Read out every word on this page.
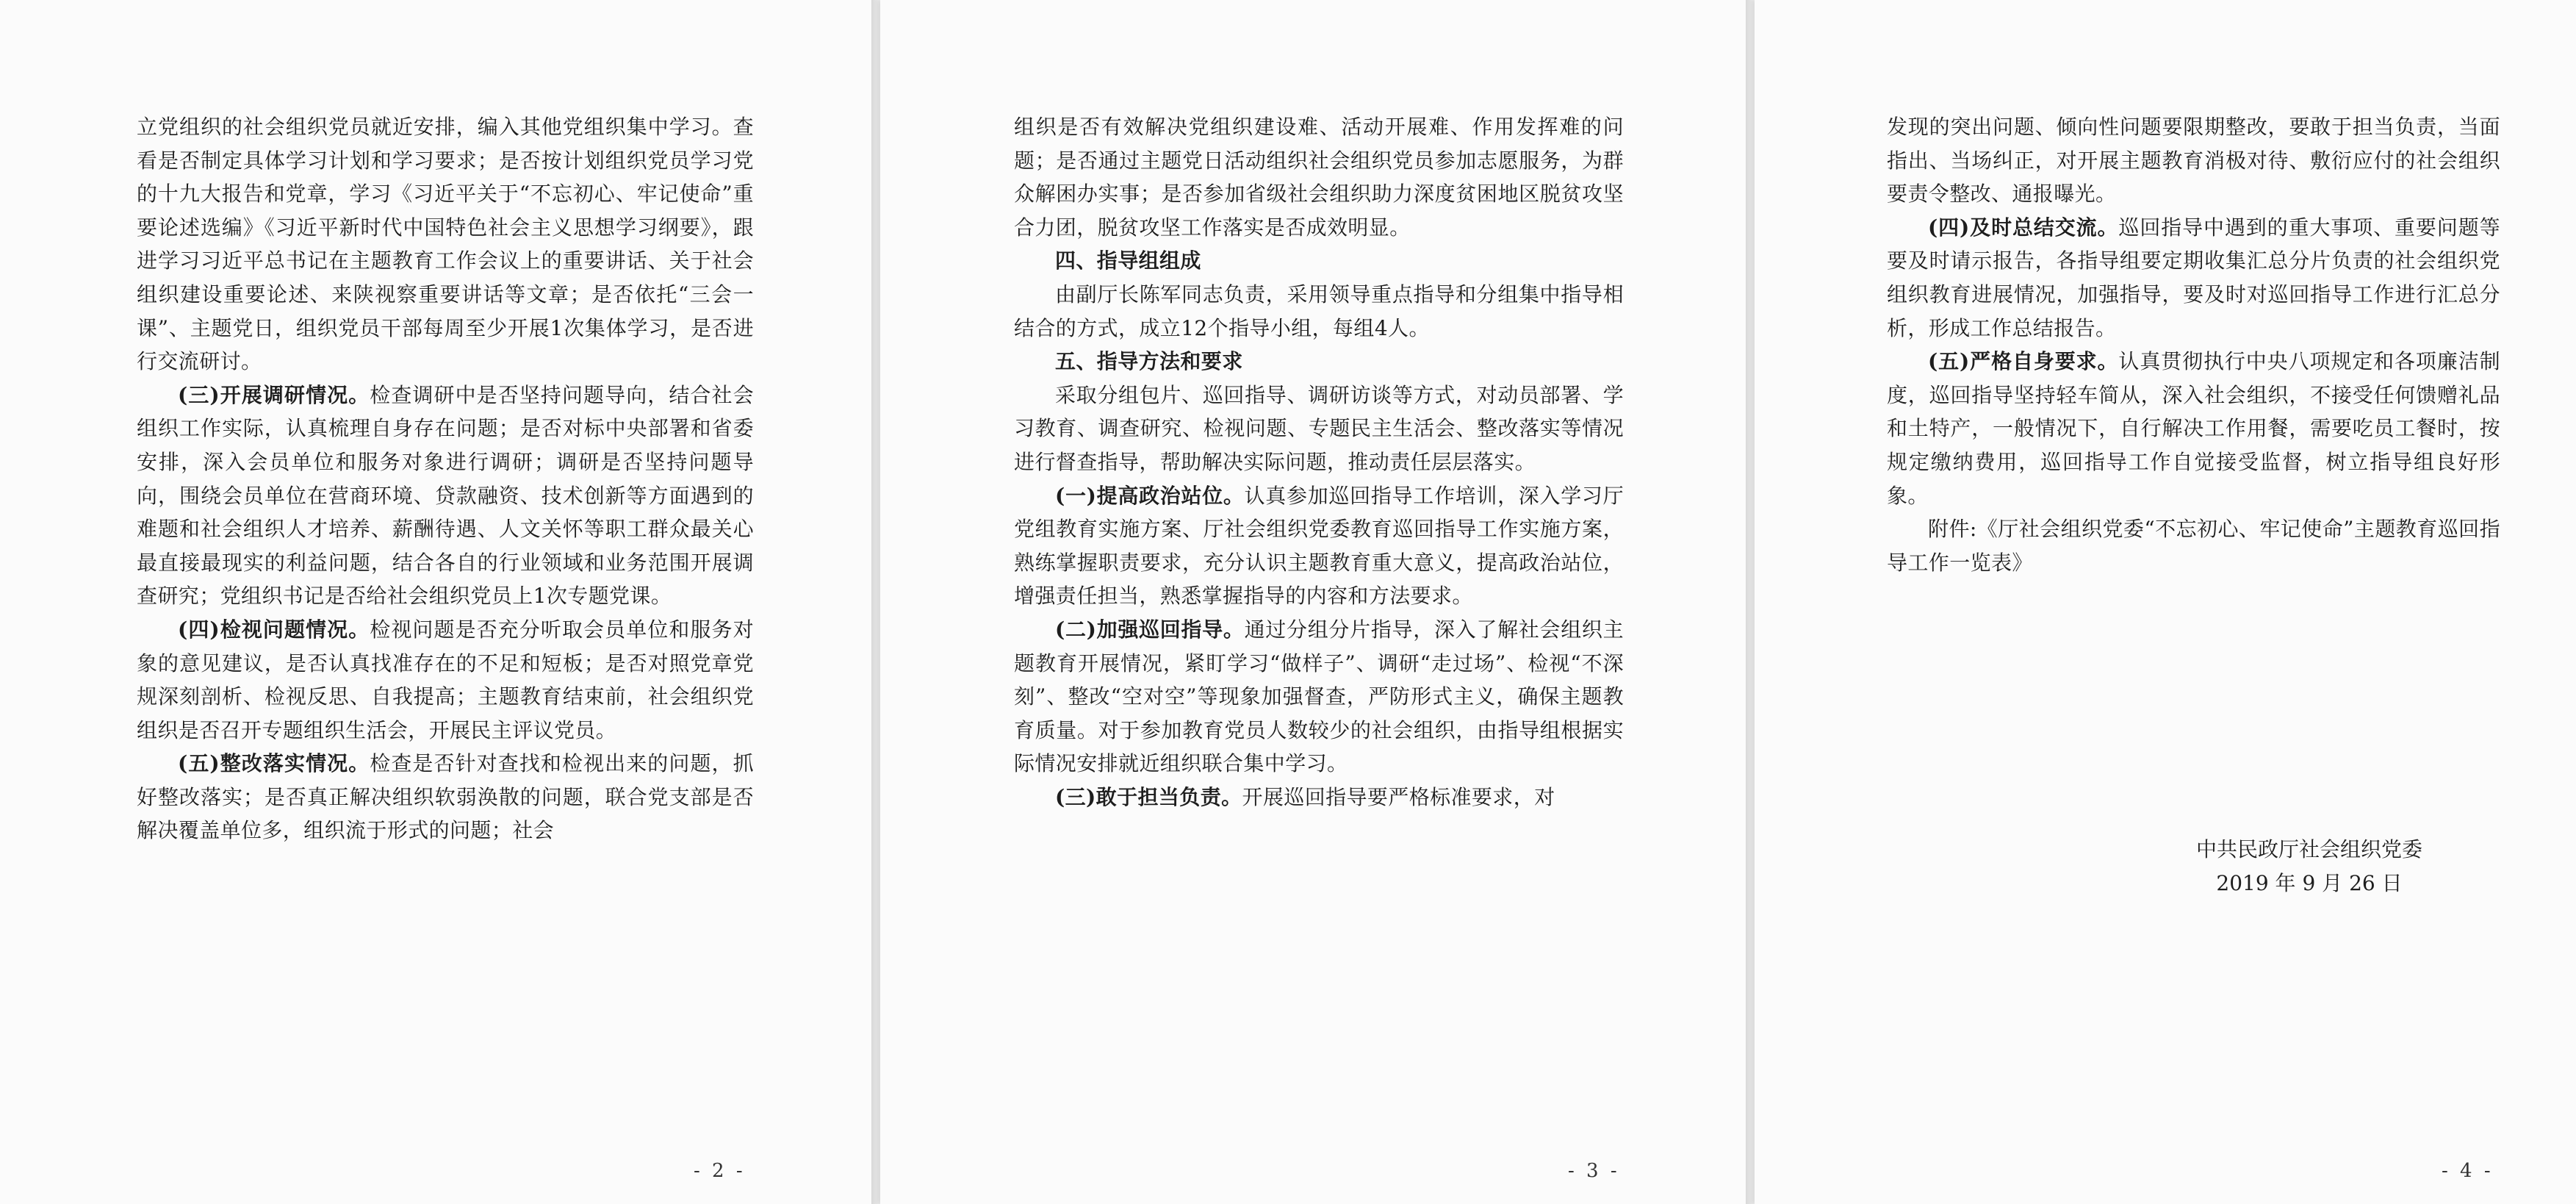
立党组织的社会组织党员就近安排，编入其他党组织集中学习。查看是否制定具体学习计划和学习要求；是否按计划组织党员学习党的十九大报告和党章，学习《习近平关于“不忘初心、牢记使命”重要论述选编》《习近平新时代中国特色社会主义思想学习纲要》，跟进学习习近平总书记在主题教育工作会议上的重要讲话、关于社会组织建设重要论述、来陕视察重要讲话等文章；是否依托“三会一课”、主题党日，组织党员干部每周至少开展1次集体学习，是否进行交流研讨。

(三)开展调研情况。检查调研中是否坚持问题导向，结合社会组织工作实际，认真梳理自身存在问题；是否对标中央部署和省委安排，深入会员单位和服务对象进行调研；调研是否坚持问题导向，围绕会员单位在营商环境、贷款融资、技术创新等方面遇到的难题和社会组织人才培养、薪酬待遇、人文关怀等职工群众最关心最直接最现实的利益问题，结合各自的行业领域和业务范围开展调查研究；党组织书记是否给社会组织党员上1次专题党课。

(四)检视问题情况。检视问题是否充分听取会员单位和服务对象的意见建议，是否认真找准存在的不足和短板；是否对照党章党规深刻剖析、检视反思、自我提高；主题教育结束前，社会组织党组织是否召开专题组织生活会，开展民主评议党员。

(五)整改落实情况。检查是否针对查找和检视出来的问题，抓好整改落实；是否真正解决组织软弱涣散的问题，联合党支部是否解决覆盖单位多，组织流于形式的问题；社会

- 2 -

组织是否有效解决党组织建设难、活动开展难、作用发挥难的问题；是否通过主题党日活动组织社会组织党员参加志愿服务，为群众解困办实事；是否参加省级社会组织助力深度贫困地区脱贫攻坚合力团，脱贫攻坚工作落实是否成效明显。

四、指导组组成

由副厅长陈军同志负责，采用领导重点指导和分组集中指导相结合的方式，成立12个指导小组，每组4人。

五、指导方法和要求

采取分组包片、巡回指导、调研访谈等方式，对动员部署、学习教育、调查研究、检视问题、专题民主生活会、整改落实等情况进行督查指导，帮助解决实际问题，推动责任层层落实。

(一)提高政治站位。认真参加巡回指导工作培训，深入学习厅党组教育实施方案、厅社会组织党委教育巡回指导工作实施方案，熟练掌握职责要求，充分认识主题教育重大意义，提高政治站位，增强责任担当，熟悉掌握指导的内容和方法要求。

(二)加强巡回指导。通过分组分片指导，深入了解社会组织主题教育开展情况，紧盯学习“做样子”、调研“走过场”、检视“不深刻”、整改“空对空”等现象加强督查，严防形式主义，确保主题教育质量。对于参加教育党员人数较少的社会组织，由指导组根据实际情况安排就近组织联合集中学习。

(三)敢于担当负责。开展巡回指导要严格标准要求，对

- 3 -

发现的突出问题、倾向性问题要限期整改，要敢于担当负责，当面指出、当场纠正，对开展主题教育消极对待、敷衍应付的社会组织要责令整改、通报曝光。

(四)及时总结交流。巡回指导中遇到的重大事项、重要问题等要及时请示报告，各指导组要定期收集汇总分片负责的社会组织党组织教育进展情况，加强指导，要及时对巡回指导工作进行汇总分析，形成工作总结报告。

(五)严格自身要求。认真贯彻执行中央八项规定和各项廉洁制度，巡回指导坚持轻车简从，深入社会组织，不接受任何馈赠礼品和土特产，一般情况下，自行解决工作用餐，需要吃员工餐时，按规定缴纳费用，巡回指导工作自觉接受监督，树立指导组良好形象。

附件:《厅社会组织党委“不忘初心、牢记使命”主题教育巡回指导工作一览表》

中共民政厅社会组织党委
2019 年 9 月 26 日
- 4 -
